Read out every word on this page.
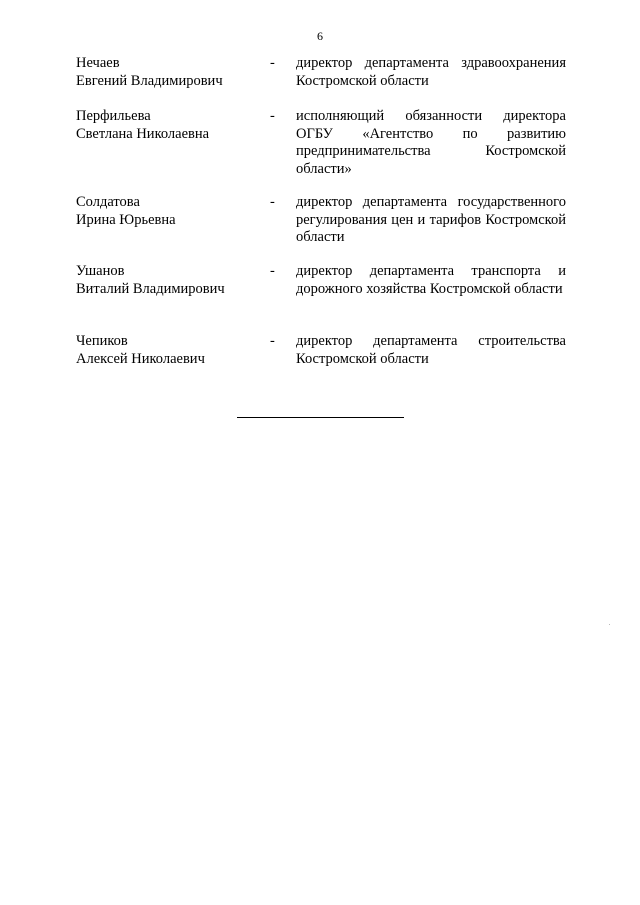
6
Нечаев
Евгений Владимирович
- директор департамента здравоохранения Костромской области
Перфильева
Светлана Николаевна
- исполняющий обязанности директора ОГБУ «Агентство по развитию предпринимательства Костромской области»
Солдатова
Ирина Юрьевна
- директор департамента государственного регулирования цен и тарифов Костромской области
Ушанов
Виталий Владимирович
- директор департамента транспорта и дорожного хозяйства Костромской области
Чепиков
Алексей Николаевич
- директор департамента строительства Костромской области
